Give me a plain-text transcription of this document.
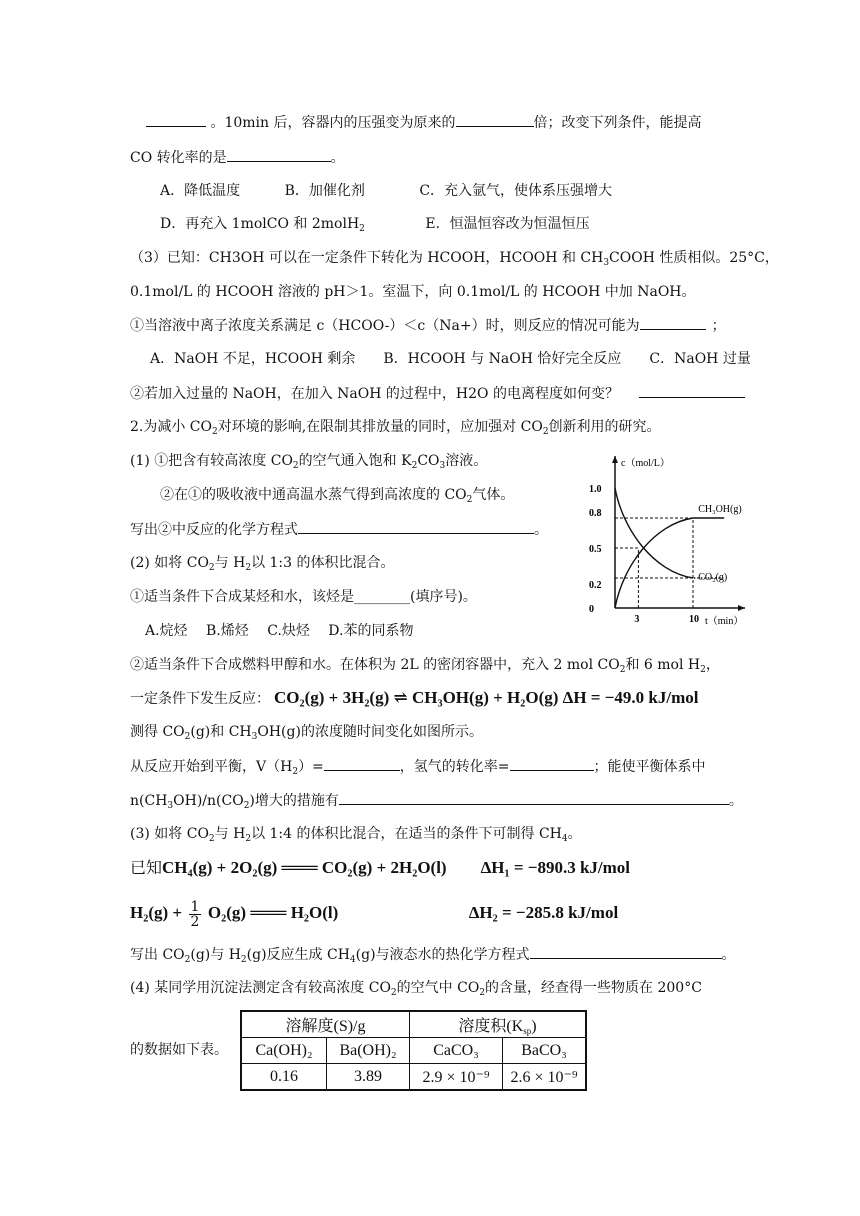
。10min 后，容器内的压强变为原来的	倍；改变下列条件，能提高
CO 转化率的是	。
A．降低温度	B．加催化剂	C．充入氩气，使体系压强增大
D．再充入 1molCO 和 2molH$_2$	E．恒温恒容改为恒温恒压
（3）已知：CH3OH 可以在一定条件下转化为 HCOOH，HCOOH 和 $CH_3COOH$ 性质相似。25°C，
0.1mol/L 的 HCOOH 溶液的 pH＞1。室温下，向 0.1mol/L 的 HCOOH 中加 NaOH。
①当溶液中离子浓度关系满足 c（HCOO-）＜c（Na+）时，则反应的情况可能为	；
A．NaOH 不足，HCOOH 剩余　　B．HCOOH 与 NaOH 恰好完全反应　　C．NaOH 过量
②若加入过量的 NaOH，在加入 NaOH 的过程中，H2O 的电离程度如何变？
2.为减小 $CO_2$对环境的影响,在限制其排放量的同时，应加强对 $CO_2$创新利用的研究。
(1) ①把含有较高浓度 $CO_2$的空气通入饱和 $K_2CO_3$溶液。
②在①的吸收液中通高温水蒸气得到高浓度的 $CO_2$气体。
写出②中反应的化学方程式	。
(2) 如将 $CO_2$与 $H_2$以 1:3 的体积比混合。
①适当条件下合成某烃和水，该烃是________(填序号)。
A.烷烃　 B.烯烃　 C.炔烃　 D.苯的同系物
②适当条件下合成燃料甲醇和水。在体积为 2L 的密闭容器中，充入 2 mol $CO_2$和 6 mol $H_2$，
一定条件下发生反应： CO₂(g) + 3H₂(g) ⇌ CH₃OH(g) + H₂O(g) ΔH = −49.0 kJ/mol
测得 $CO_2(g)$和 $CH_3OH(g)$的浓度随时间变化如图所示。
从反应开始到平衡，$V(H_2)=$	，氢气的转化率=	；能使平衡体系中
$n(CH_3OH)/n(CO_2)$增大的措施有	。
(3) 如将 $CO_2$与 $H_2$以 1:4 的体积比混合，在适当的条件下可制得 $CH_4$。
已知CH₄(g) + 2O₂(g) ═══ CO₂(g) + 2H₂O(l) ΔH₁ = −890.3 kJ/mol
$H_2(g) + \frac{1}{2} O_2(g)$ ═══ H₂O(l)	ΔH₂ = −285.8 kJ/mol
写出 $CO_2(g)$与 $H_2(g)$反应生成 $CH_4(g)$与液态水的热化学方程式	。
(4) 某同学用沉淀法测定含有较高浓度 $CO_2$的空气中 $CO_2$的含量，经查得一些物质在 200°C
的数据如下表。
溶解度(S)/g		溶度积$(K_{sp})$	
Ca(OH)₂	Ba(OH)₂	CaCO₃	BaCO₃
0.16	3.89	2.9 × 10⁻⁹	2.6 × 10⁻⁹
c（mol/L）
t（min）
1.0
0.8
0.5
0.2
0
3	10
CH₃OH(g)
CO₂(g)
